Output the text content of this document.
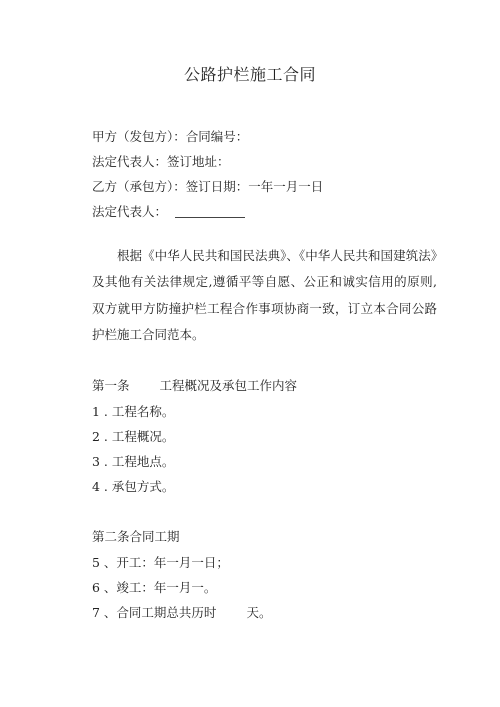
公路护栏施工合同
甲方（发包方）：合同编号：
法定代表人：签订地址：
乙方（承包方）：签订日期：一年一月一日
法定代表人：
根据《中华人民共和国民法典》、《中华人民共和国建筑法》及其他有关法律规定,遵循平等自愿、公正和诚实信用的原则,双方就甲方防撞护栏工程合作事项协商一致，订立本合同公路护栏施工合同范本。
第一条 工程概况及承包工作内容
1 . 工程名称。
2 . 工程概况。
3 . 工程地点。
4 . 承包方式。
第二条合同工期
5 、开工：年一月一日；
6 、竣工：年一月一。
7 、合同工期总共历时 天。
